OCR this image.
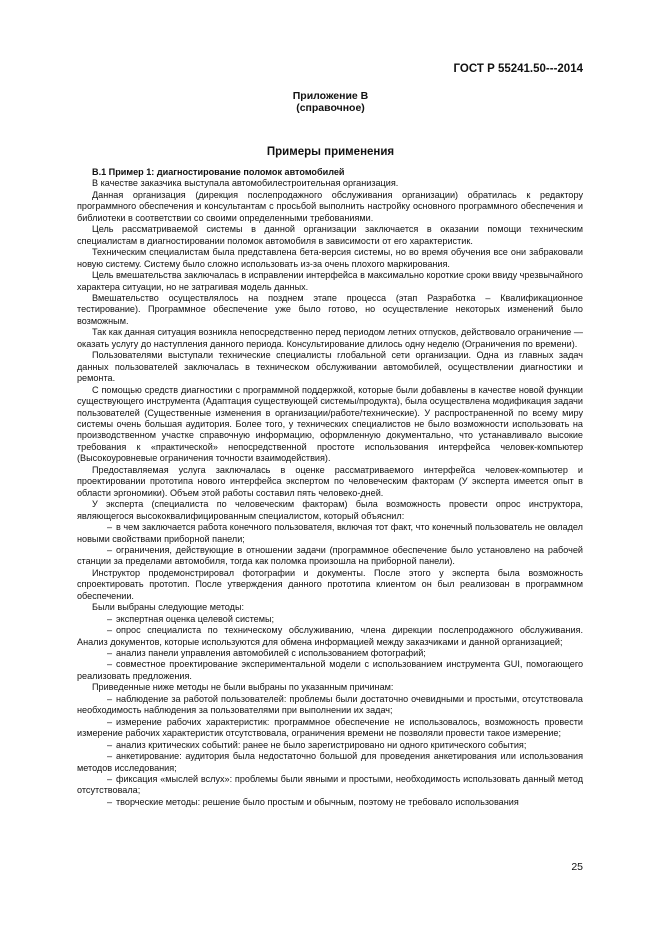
ГОСТ Р 55241.50---2014
Приложение В
(справочное)
Примеры применения

В.1 Пример 1: диагностирование поломок автомобилей

В качестве заказчика выступала автомобилестроительная организация.

Данная организация (дирекция послепродажного обслуживания организации) обратилась к редактору программного обеспечения и консультантам с просьбой выполнить настройку основного программного обеспечения и библиотеки в соответствии со своими определенными требованиями.

Цель рассматриваемой системы в данной организации заключается в оказании помощи техническим специалистам в диагностировании поломок автомобиля в зависимости от его характеристик.

Техническим специалистам была представлена бета-версия системы, но во время обучения все они забраковали новую систему. Систему было сложно использовать из-за очень плохого маркирования.

Цель вмешательства заключалась в исправлении интерфейса в максимально короткие сроки ввиду чрезвычайного характера ситуации, но не затрагивая модель данных.

Вмешательство осуществлялось на позднем этапе процесса (этап Разработка – Квалификационное тестирование). Программное обеспечение уже было готово, но осуществление некоторых изменений было возможным.

Так как данная ситуация возникла непосредственно перед периодом летних отпусков, действовало ограничение — оказать услугу до наступления данного периода. Консультирование длилось одну неделю (Ограничения по времени).

Пользователями выступали технические специалисты глобальной сети организации. Одна из главных задач данных пользователей заключалась в техническом обслуживании автомобилей, осуществлении диагностики и ремонта.

С помощью средств диагностики с программной поддержкой, которые были добавлены в качестве новой функции существующего инструмента (Адаптация существующей системы/продукта), была осуществлена модификация задачи пользователей (Существенные изменения в организации/работе/технические). У распространенной по всему миру системы очень большая аудитория. Более того, у технических специалистов не было возможности использовать на производственном участке справочную информацию, оформленную документально, что устанавливало высокие требования к «практической» непосредственной простоте использования интерфейса человек-компьютер (Высокоуровневые ограничения точности взаимодействия).

Предоставляемая услуга заключалась в оценке рассматриваемого интерфейса человек-компьютер и проектировании прототипа нового интерфейса экспертом по человеческим факторам (У эксперта имеется опыт в области эргономики). Объем этой работы составил пять человеко-дней.

У эксперта (специалиста по человеческим факторам) была возможность провести опрос инструктора, являющегося высококвалифицированным специалистом, который объяснил:

– в чем заключается работа конечного пользователя, включая тот факт, что конечный пользователь не овладел новыми свойствами приборной панели;

– ограничения, действующие в отношении задачи (программное обеспечение было установлено на рабочей станции за пределами автомобиля, тогда как поломка произошла на приборной панели).

Инструктор продемонстрировал фотографии и документы. После этого у эксперта была возможность спроектировать прототип. После утверждения данного прототипа клиентом он был реализован в программном обеспечении.

Были выбраны следующие методы:

– экспертная оценка целевой системы;

– опрос специалиста по техническому обслуживанию, члена дирекции послепродажного обслуживания. Анализ документов, которые используются для обмена информацией между заказчиками и данной организацией;

– анализ панели управления автомобилей с использованием фотографий;

– совместное проектирование экспериментальной модели с использованием инструмента GUI, помогающего реализовать предложения.

Приведенные ниже методы не были выбраны по указанным причинам:

– наблюдение за работой пользователей: проблемы были достаточно очевидными и простыми, отсутствовала необходимость наблюдения за пользователями при выполнении их задач;

– измерение рабочих характеристик: программное обеспечение не использовалось, возможность провести измерение рабочих характеристик отсутствовала, ограничения времени не позволяли провести такое измерение;

– анализ критических событий: ранее не было зарегистрировано ни одного критического события;

– анкетирование: аудитория была недостаточно большой для проведения анкетирования или использования методов исследования;

– фиксация «мыслей вслух»: проблемы были явными и простыми, необходимость использовать данный метод отсутствовала;

– творческие методы: решение было простым и обычным, поэтому не требовало использования

25
